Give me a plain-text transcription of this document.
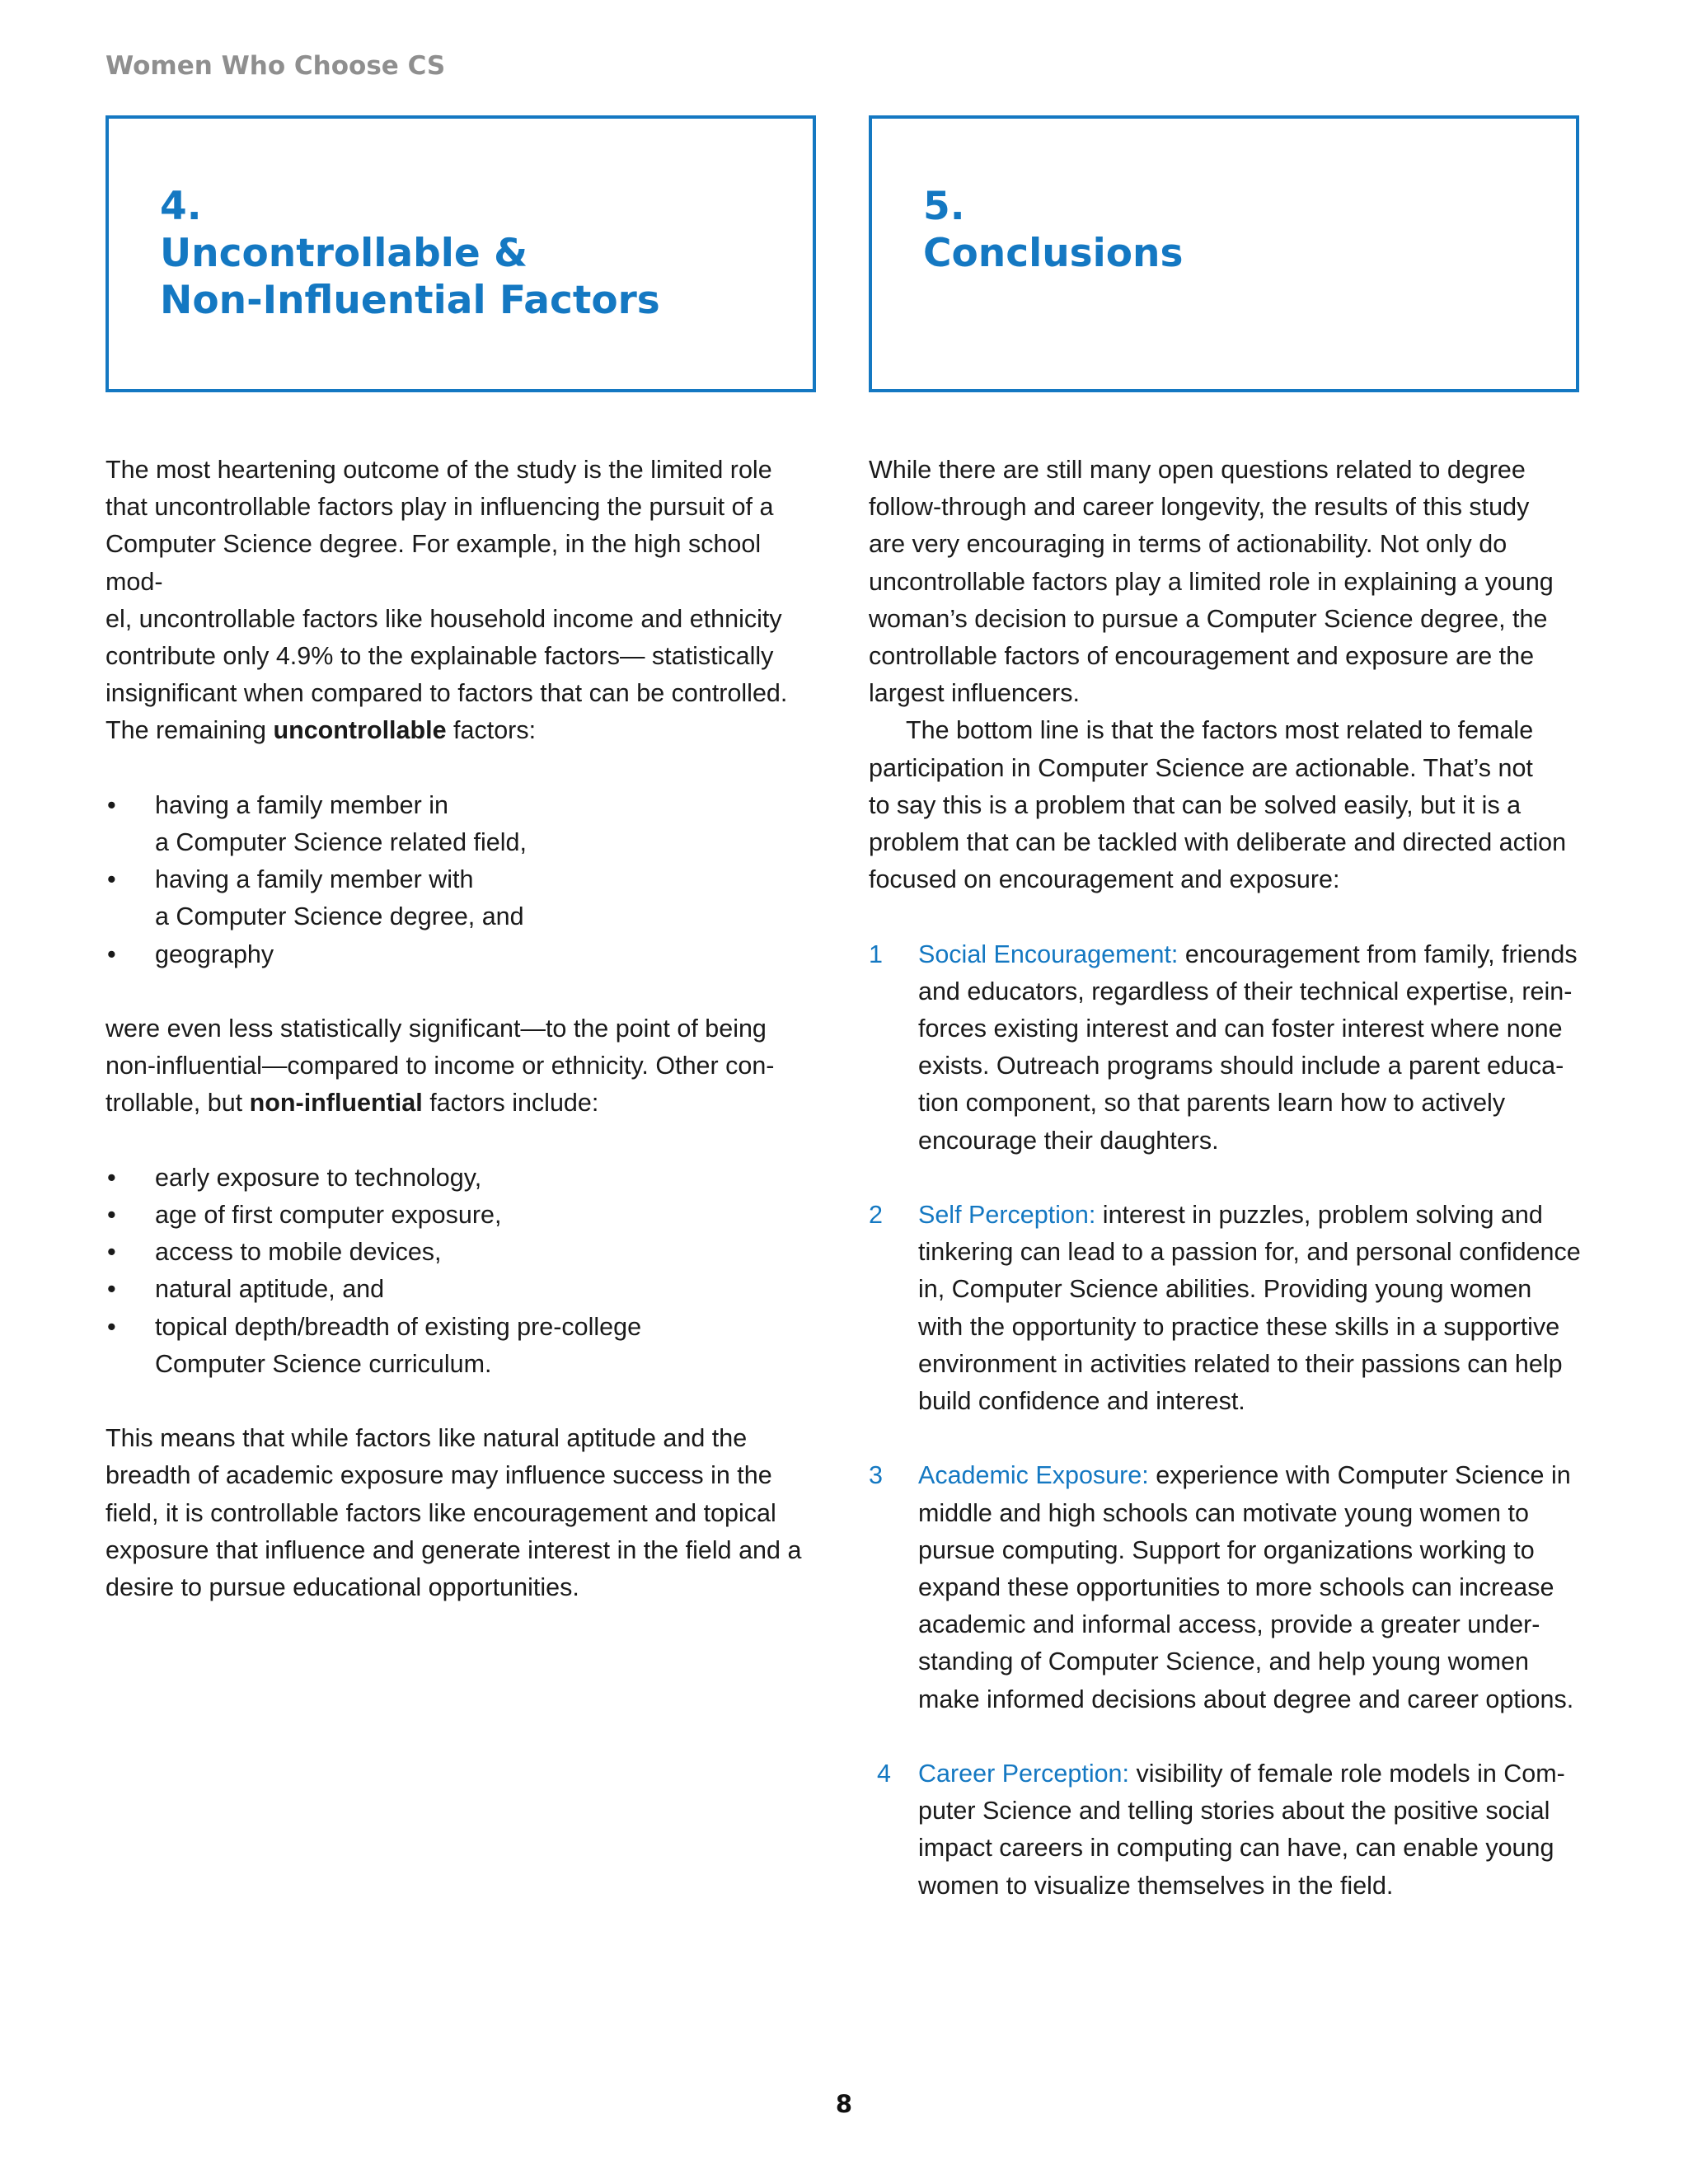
Women Who Choose CS
4.
Uncontrollable &
Non-Influential Factors
5.
Conclusions

The most heartening outcome of the study is the limited role
that uncontrollable factors play in influencing the pursuit of a
Computer Science degree. For example, in the high school mod-
el, uncontrollable factors like household income and ethnicity
contribute only 4.9% to the explainable factors— statistically
insignificant when compared to factors that can be controlled.
The remaining uncontrollable factors:

• having a family member in
a Computer Science related field,
• having a family member with
a Computer Science degree, and
• geography

were even less statistically significant—to the point of being
non-influential—compared to income or ethnicity. Other con-
trollable, but non-influential factors include:

• early exposure to technology,
• age of first computer exposure,
• access to mobile devices,
• natural aptitude, and
• topical depth/breadth of existing pre-college
Computer Science curriculum.

This means that while factors like natural aptitude and the
breadth of academic exposure may influence success in the
field, it is controllable factors like encouragement and topical
exposure that influence and generate interest in the field and a
desire to pursue educational opportunities.

While there are still many open questions related to degree
follow-through and career longevity, the results of this study
are very encouraging in terms of actionability. Not only do
uncontrollable factors play a limited role in explaining a young
woman’s decision to pursue a Computer Science degree, the
controllable factors of encouragement and exposure are the
largest influencers.

The bottom line is that the factors most related to female
participation in Computer Science are actionable. That’s not
to say this is a problem that can be solved easily, but it is a
problem that can be tackled with deliberate and directed action
focused on encouragement and exposure:

1 Social Encouragement: encouragement from family, friends
and educators, regardless of their technical expertise, rein-
forces existing interest and can foster interest where none
exists. Outreach programs should include a parent educa-
tion component, so that parents learn how to actively
encourage their daughters.
2 Self Perception: interest in puzzles, problem solving and
tinkering can lead to a passion for, and personal confidence
in, Computer Science abilities. Providing young women
with the opportunity to practice these skills in a supportive
environment in activities related to their passions can help
build confidence and interest.
3 Academic Exposure: experience with Computer Science in
middle and high schools can motivate young women to
pursue computing. Support for organizations working to
expand these opportunities to more schools can increase
academic and informal access, provide a greater under-
standing of Computer Science, and help young women
make informed decisions about degree and career options.
4 Career Perception: visibility of female role models in Com-
puter Science and telling stories about the positive social
impact careers in computing can have, can enable young
women to visualize themselves in the field.
8
